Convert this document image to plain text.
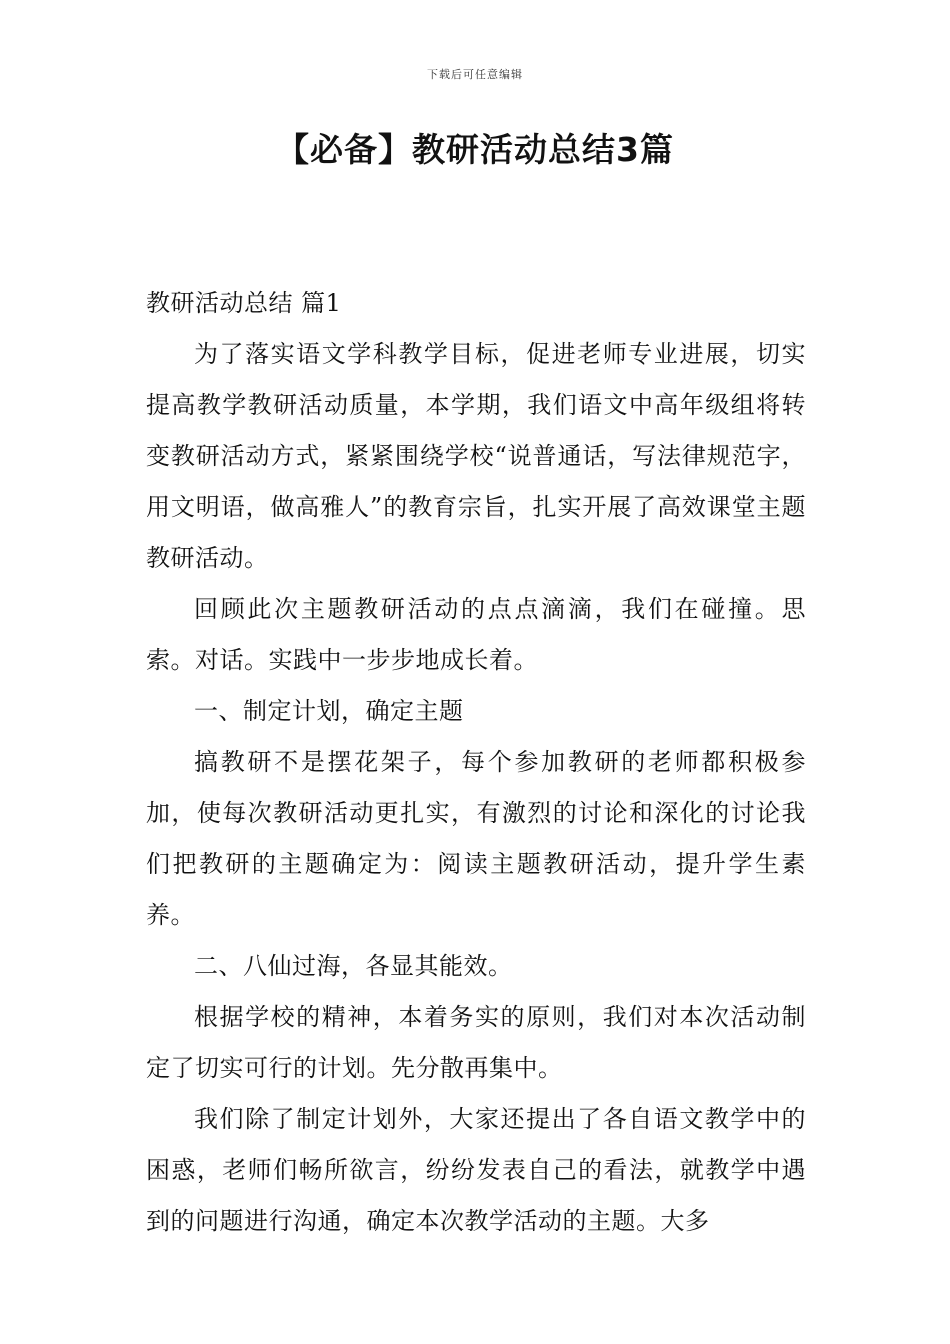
下载后可任意编辑
【必备】教研活动总结3篇

教研活动总结 篇1

为了落实语文学科教学目标，促进老师专业进展，切实提高教学教研活动质量，本学期，我们语文中高年级组将转变教研活动方式，紧紧围绕学校“说普通话，写法律规范字，用文明语，做高雅人”的教育宗旨，扎实开展了高效课堂主题教研活动。

回顾此次主题教研活动的点点滴滴，我们在碰撞。思索。对话。实践中一步步地成长着。

一、制定计划，确定主题

搞教研不是摆花架子，每个参加教研的老师都积极参加，使每次教研活动更扎实，有激烈的讨论和深化的讨论我们把教研的主题确定为：阅读主题教研活动，提升学生素养。

二、八仙过海，各显其能效。

根据学校的精神，本着务实的原则，我们对本次活动制定了切实可行的计划。先分散再集中。

我们除了制定计划外，大家还提出了各自语文教学中的困惑，老师们畅所欲言，纷纷发表自己的看法，就教学中遇到的问题进行沟通，确定本次教学活动的主题。大多
